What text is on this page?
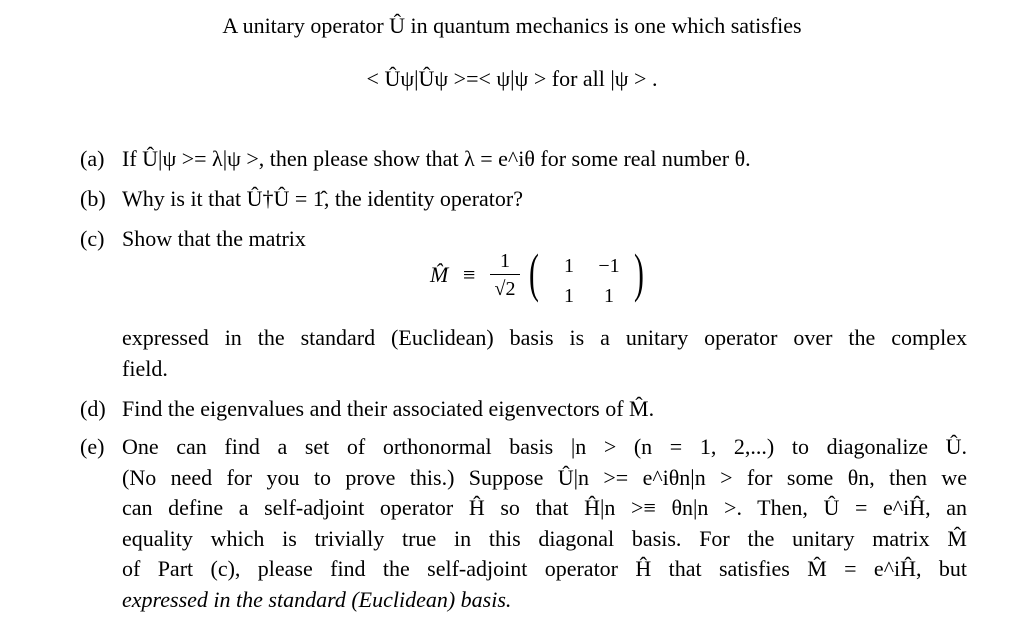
A unitary operator Û in quantum mechanics is one which satisfies
< Ûψ|Ûψ >=< ψ|ψ > for all |ψ > .
(a) If Û|ψ >= λ|ψ >, then please show that λ = e^iθ for some real number θ.
(b) Why is it that Û†Û = 1̂, the identity operator?
(c) Show that the matrix
M̂ ≡
1
√2 (	1	−1
1	1 )
expressed in the standard (Euclidean) basis is a unitary operator over the complex
field.
(d) Find the eigenvalues and their associated eigenvectors of M̂.
(e) One can find a set of orthonormal basis |n > (n = 1, 2,...) to diagonalize Û.
(No need for you to prove this.) Suppose Û|n >= e^iθn|n > for some θn, then we
can define a self-adjoint operator Ĥ so that Ĥ|n >≡ θn|n >. Then, Û = e^iĤ, an
equality which is trivially true in this diagonal basis. For the unitary matrix M̂
of Part (c), please find the self-adjoint operator Ĥ that satisfies M̂ = e^iĤ, but
expressed in the standard (Euclidean) basis.
